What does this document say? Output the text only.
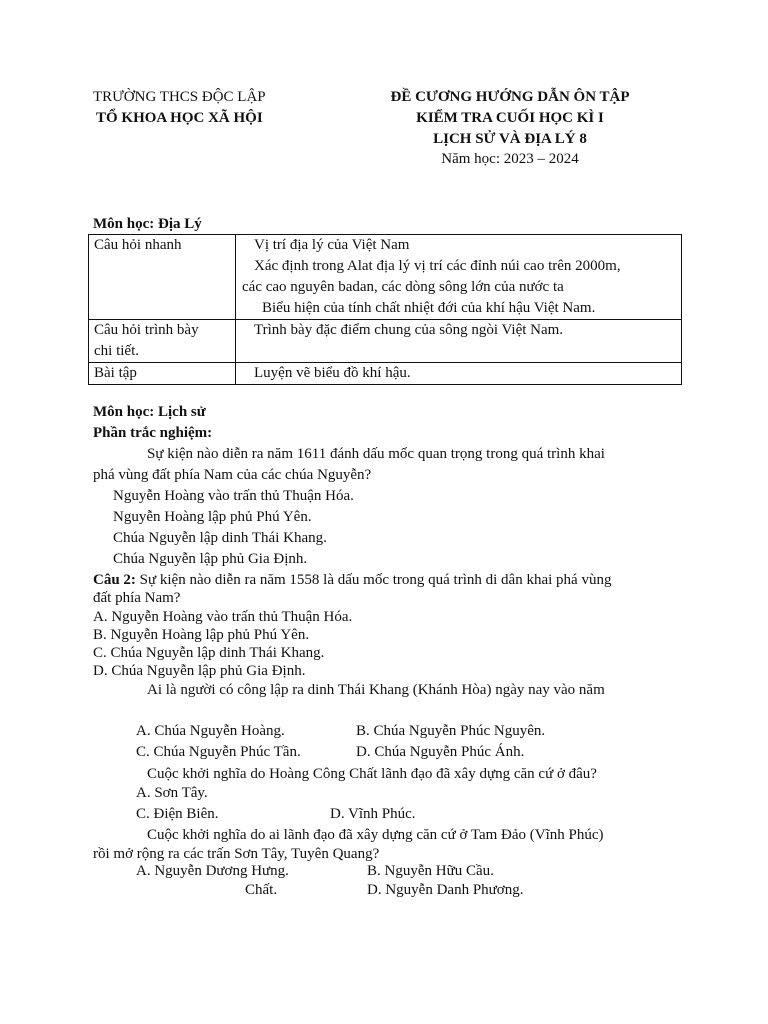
TRƯỜNG THCS ĐỘC LẬP
TỔ KHOA HỌC XÃ HỘI
ĐỀ CƯƠNG HƯỚNG DẪN ÔN TẬP
KIỂM TRA CUỐI HỌC KÌ I
LỊCH SỬ VÀ ĐỊA LÝ 8
Năm học: 2023 – 2024
Môn học: Địa Lý
Câu hỏi nhanh	Vị trí địa lý của Việt Nam
Xác định trong Alat địa lý vị trí các đỉnh núi cao trên 2000m,
các cao nguyên badan, các dòng sông lớn của nước ta
Biểu hiện của tính chất nhiệt đới của khí hậu Việt Nam.

Câu hỏi trình bày
chi tiết.	Trình bày đặc điểm chung của sông ngòi Việt Nam.

Bài tập	Luyện vẽ biểu đồ khí hậu.
Môn học: Lịch sử
Phần trắc nghiệm:
Sự kiện nào diễn ra năm 1611 đánh dấu mốc quan trọng trong quá trình khai
phá vùng đất phía Nam của các chúa Nguyễn?
Nguyễn Hoàng vào trấn thủ Thuận Hóa.
Nguyễn Hoàng lập phủ Phú Yên.
Chúa Nguyễn lập dinh Thái Khang.
Chúa Nguyễn lập phủ Gia Định.
Câu 2: Sự kiện nào diễn ra năm 1558 là dấu mốc trong quá trình di dân khai phá vùng
đất phía Nam?
A. Nguyễn Hoàng vào trấn thủ Thuận Hóa.
B. Nguyễn Hoàng lập phủ Phú Yên.
C. Chúa Nguyễn lập dinh Thái Khang.
D. Chúa Nguyễn lập phủ Gia Định.
Ai là người có công lập ra dinh Thái Khang (Khánh Hòa) ngày nay vào năm
A. Chúa Nguyễn Hoàng.	B. Chúa Nguyễn Phúc Nguyên.
C. Chúa Nguyễn Phúc Tần.	D. Chúa Nguyễn Phúc Ánh.
Cuộc khởi nghĩa do Hoàng Công Chất lãnh đạo đã xây dựng căn cứ ở đâu?
A. Sơn Tây.
C. Điện Biên.	D. Vĩnh Phúc.
Cuộc khởi nghĩa do ai lãnh đạo đã xây dựng căn cứ ở Tam Đảo (Vĩnh Phúc)
rồi mở rộng ra các trấn Sơn Tây, Tuyên Quang?
A. Nguyễn Dương Hưng.	B. Nguyễn Hữu Cầu.
Chất.	D. Nguyễn Danh Phương.
